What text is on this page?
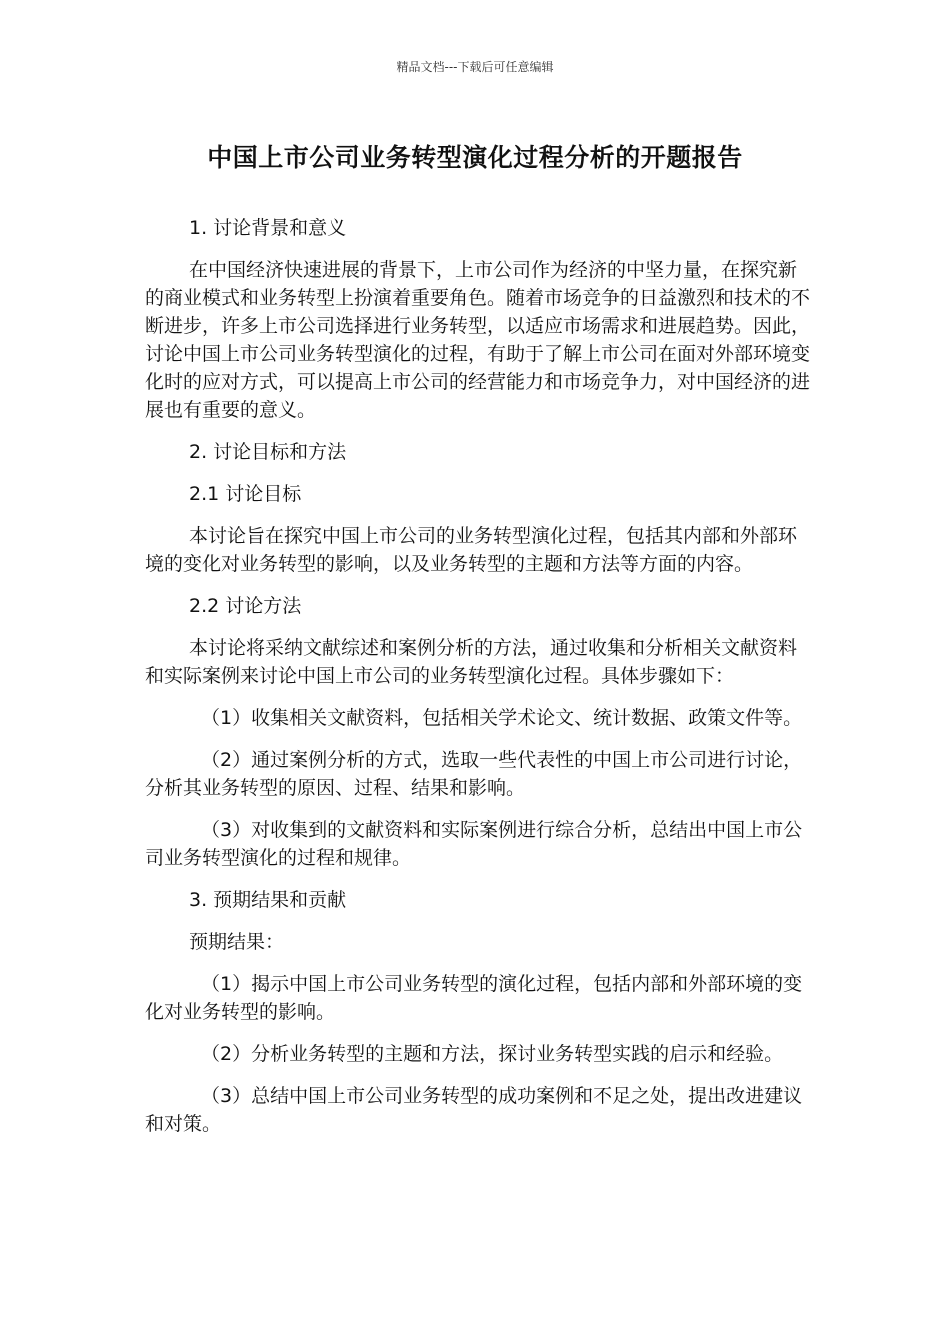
精品文档---下载后可任意编辑
中国上市公司业务转型演化过程分析的开题报告

1. 讨论背景和意义

在中国经济快速进展的背景下，上市公司作为经济的中坚力量，在探究新的商业模式和业务转型上扮演着重要角色。随着市场竞争的日益激烈和技术的不断进步，许多上市公司选择进行业务转型，以适应市场需求和进展趋势。因此，讨论中国上市公司业务转型演化的过程，有助于了解上市公司在面对外部环境变化时的应对方式，可以提高上市公司的经营能力和市场竞争力，对中国经济的进展也有重要的意义。

2. 讨论目标和方法

2.1 讨论目标

本讨论旨在探究中国上市公司的业务转型演化过程，包括其内部和外部环境的变化对业务转型的影响，以及业务转型的主题和方法等方面的内容。

2.2 讨论方法

本讨论将采纳文献综述和案例分析的方法，通过收集和分析相关文献资料和实际案例来讨论中国上市公司的业务转型演化过程。具体步骤如下：

（1）收集相关文献资料，包括相关学术论文、统计数据、政策文件等。

（2）通过案例分析的方式，选取一些代表性的中国上市公司进行讨论，分析其业务转型的原因、过程、结果和影响。

（3）对收集到的文献资料和实际案例进行综合分析，总结出中国上市公司业务转型演化的过程和规律。

3. 预期结果和贡献

预期结果：

（1）揭示中国上市公司业务转型的演化过程，包括内部和外部环境的变化对业务转型的影响。

（2）分析业务转型的主题和方法，探讨业务转型实践的启示和经验。

（3）总结中国上市公司业务转型的成功案例和不足之处，提出改进建议和对策。
